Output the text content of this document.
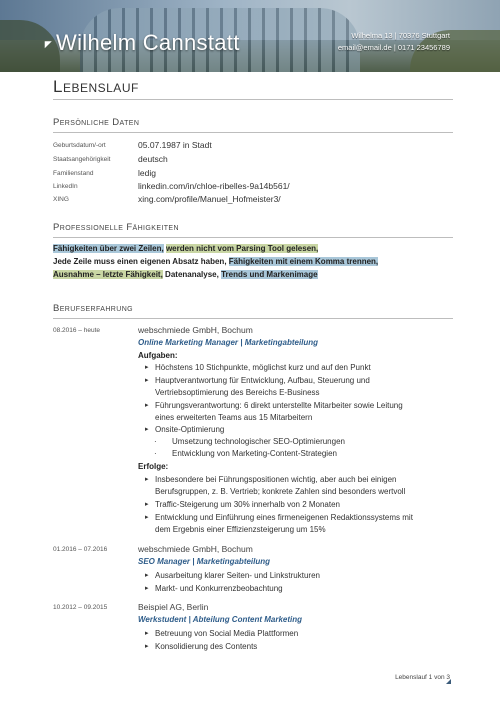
Wilhelm Cannstatt	Wilhelma 13 | 70376 Stuttgart
email@email.de | 0171 23456789
Lebenslauf
Persönliche Daten
Geburtsdatum/-ort	05.07.1987 in Stadt
Staatsangehörigkeit	deutsch
Familienstand	ledig
LinkedIn	linkedin.com/in/chloe-ribelles-9a14b561/
XING	xing.com/profile/Manuel_Hofmeister3/
Professionelle Fähigkeiten
Fähigkeiten über zwei Zeilen, werden nicht vom Parsing Tool gelesen,
Jede Zeile muss einen eigenen Absatz haben, Fähigkeiten mit einem Komma trennen,
Ausnahme – letzte Fähigkeit, Datenanalyse, Trends und Markenimage
Berufserfahrung
08.2016 – heute	webschmiede GmbH, Bochum
Online Marketing Manager | Marketingabteilung
Aufgaben:
▸ Höchstens 10 Stichpunkte, möglichst kurz und auf den Punkt
▸ Hauptverantwortung für Entwicklung, Aufbau, Steuerung und
Vertriebsoptimierung des Bereichs E-Business
▸ Führungsverantwortung: 6 direkt unterstellte Mitarbeiter sowie Leitung
eines erweiterten Teams aus 15 Mitarbeitern
▸ Onsite-Optimierung
· Umsetzung technologischer SEO-Optimierungen
· Entwicklung von Marketing-Content-Strategien
Erfolge:
▸ Insbesondere bei Führungspositionen wichtig, aber auch bei einigen
Berufsgruppen, z. B. Vertrieb; konkrete Zahlen sind besonders wertvoll
▸ Traffic-Steigerung um 30% innerhalb von 2 Monaten
▸ Entwicklung und Einführung eines firmeneigenen Redaktionssystems mit
dem Ergebnis einer Effizienzsteigerung um 15%
01.2016 – 07.2016	webschmiede GmbH, Bochum
SEO Manager | Marketingabteilung
▸ Ausarbeitung klarer Seiten- und Linkstrukturen
▸ Markt- und Konkurrenzbeobachtung
10.2012 – 09.2015	Beispiel AG, Berlin
Werkstudent | Abteilung Content Marketing
▸ Betreuung von Social Media Plattformen
▸ Konsolidierung des Contents
Lebenslauf 1 von 3
